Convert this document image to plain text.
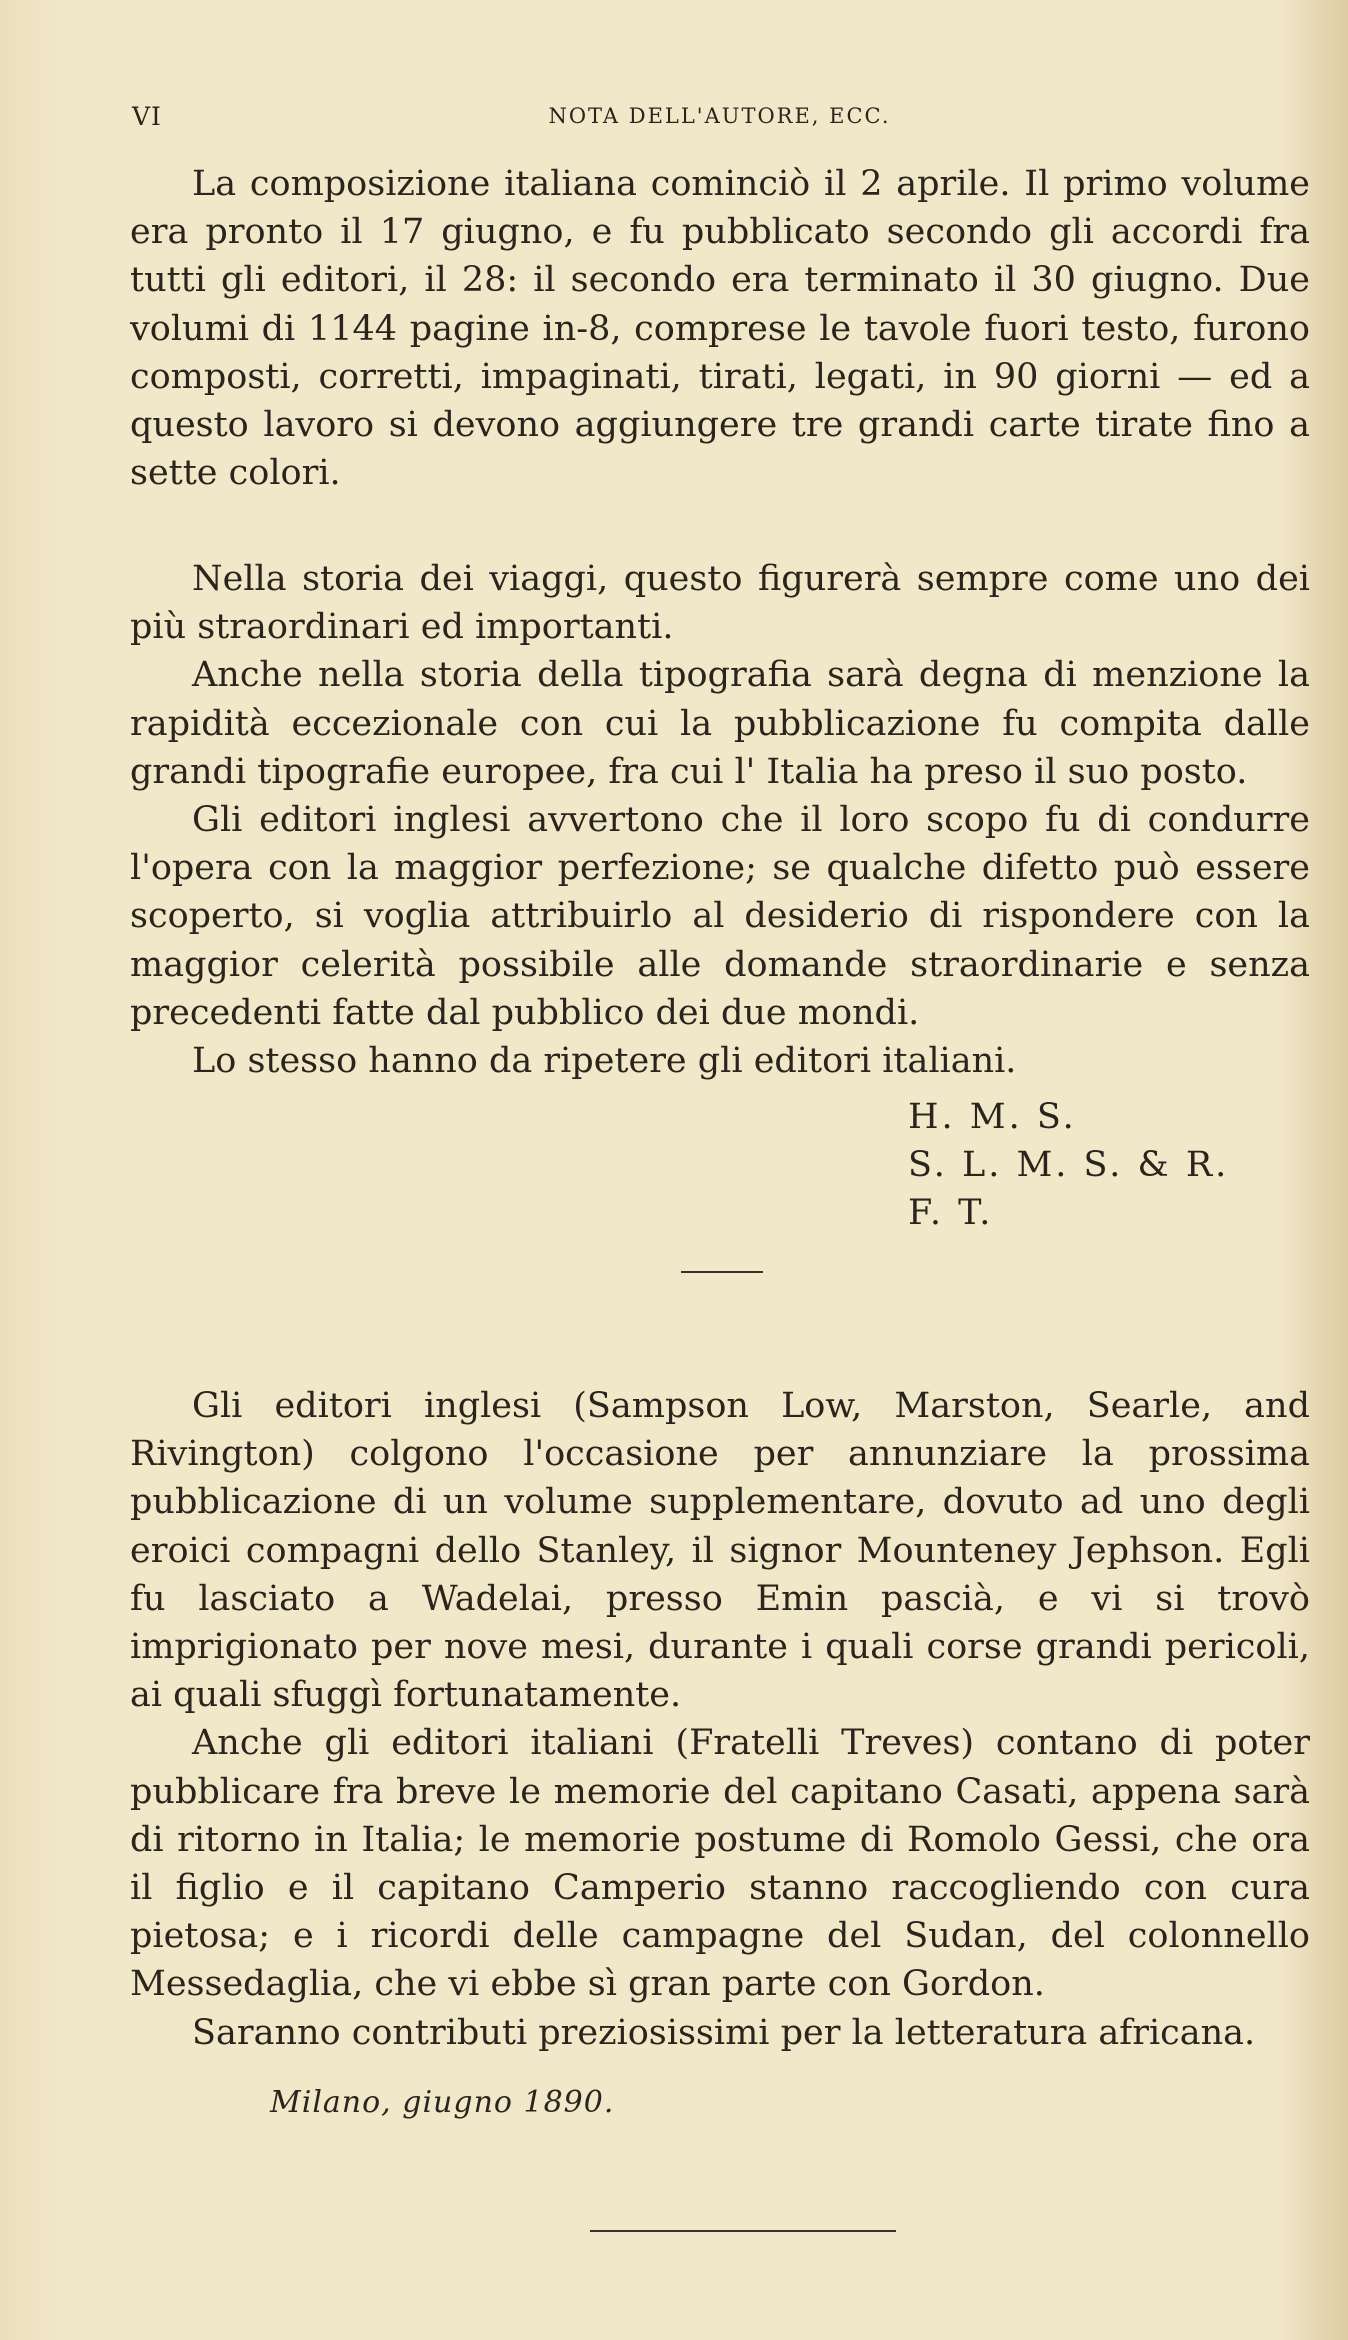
VI	NOTA DELL'AUTORE, ECC.

La composizione italiana cominciò il 2 aprile. Il primo volume era pronto il 17 giugno, e fu pubblicato secondo gli accordi fra tutti gli editori, il 28: il secondo era terminato il 30 giugno. Due volumi di 1144 pagine in-8, comprese le tavole fuori testo, furono composti, corretti, impaginati, tirati, legati, in 90 giorni — ed a questo lavoro si devono aggiungere tre grandi carte tirate fino a sette colori.

Nella storia dei viaggi, questo figurerà sempre come uno dei più straordinari ed importanti.

Anche nella storia della tipografia sarà degna di menzione la rapidità eccezionale con cui la pubblicazione fu compita dalle grandi tipografie europee, fra cui l' Italia ha preso il suo posto.

Gli editori inglesi avvertono che il loro scopo fu di condurre l'opera con la maggior perfezione; se qualche difetto può essere scoperto, si voglia attribuirlo al desiderio di rispondere con la maggior celerità possibile alle domande straordinarie e senza precedenti fatte dal pubblico dei due mondi.

Lo stesso hanno da ripetere gli editori italiani.

H. M. S.
S. L. M. S. & R.
F. T.

Gli editori inglesi (Sampson Low, Marston, Searle, and Rivington) colgono l'occasione per annunziare la prossima pubblicazione di un volume supplementare, dovuto ad uno degli eroici compagni dello Stanley, il signor Mounteney Jephson. Egli fu lasciato a Wadelai, presso Emin pascià, e vi si trovò imprigionato per nove mesi, durante i quali corse grandi pericoli, ai quali sfuggì fortunatamente.

Anche gli editori italiani (Fratelli Treves) contano di poter pubblicare fra breve le memorie del capitano Casati, appena sarà di ritorno in Italia; le memorie postume di Romolo Gessi, che ora il figlio e il capitano Camperio stanno raccogliendo con cura pietosa; e i ricordi delle campagne del Sudan, del colonnello Messedaglia, che vi ebbe sì gran parte con Gordon.

Saranno contributi preziosissimi per la letteratura africana.

Milano, giugno 1890.
